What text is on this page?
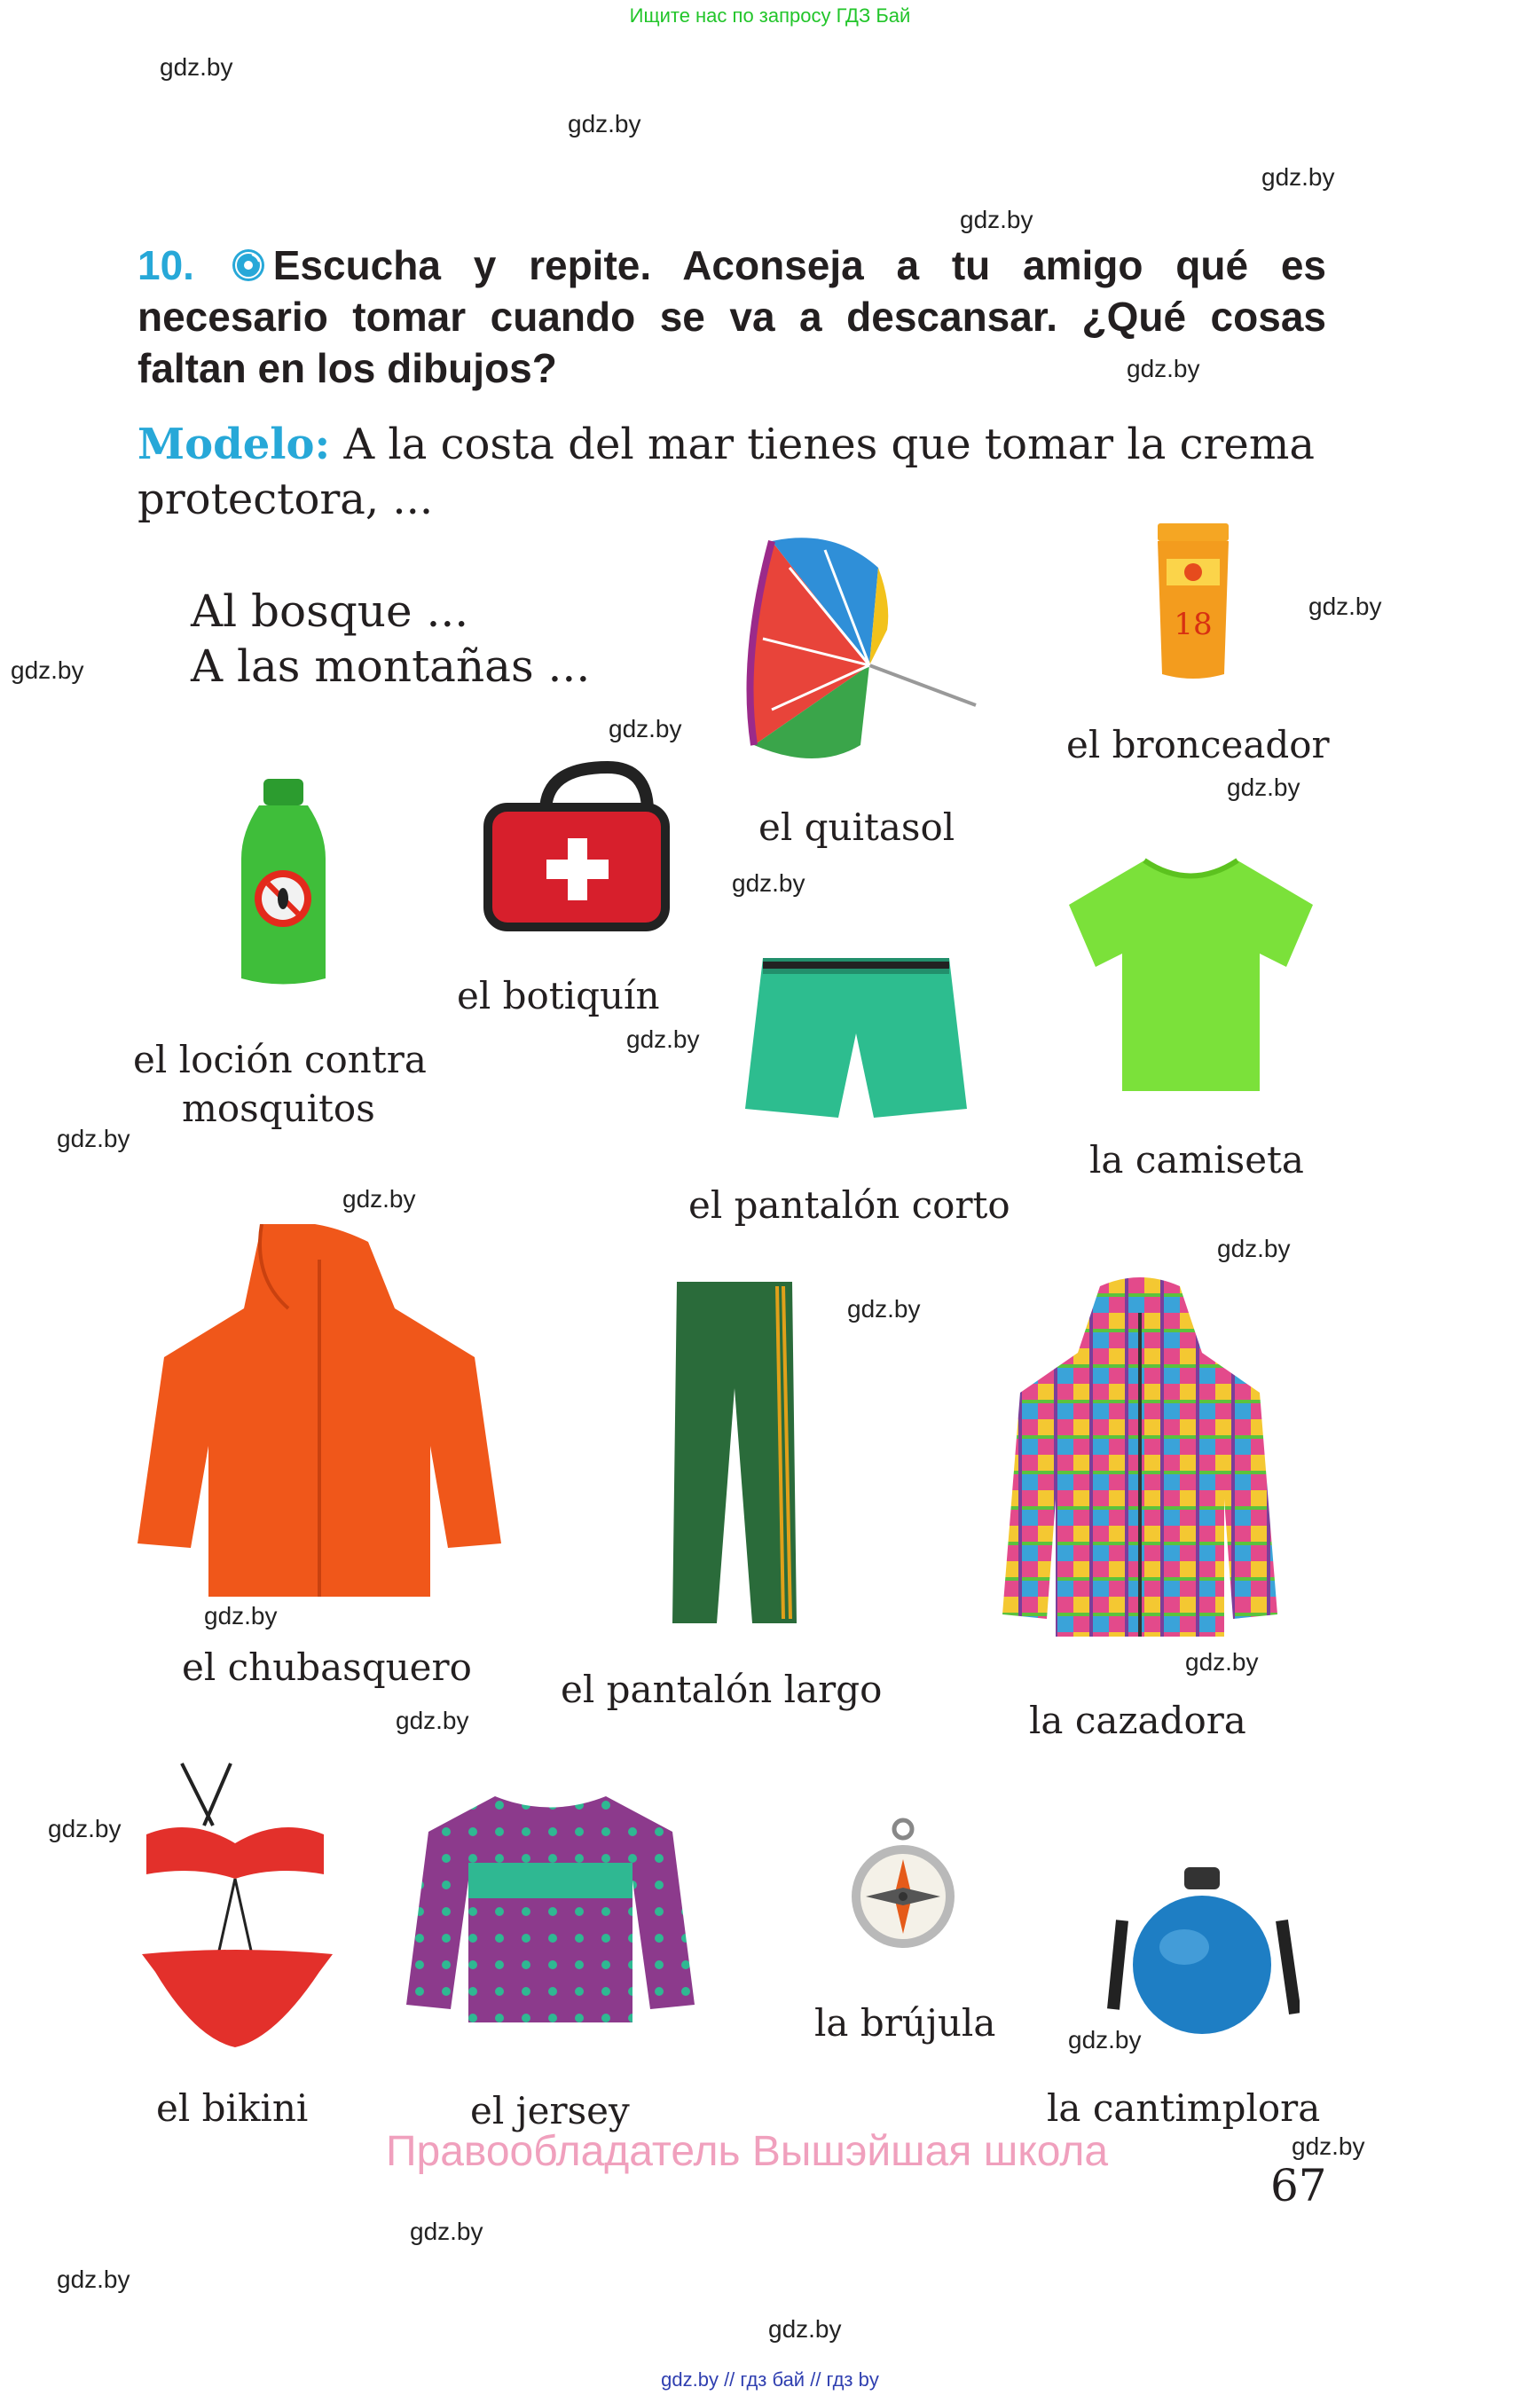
Ищите нас по запросу ГДЗ Бай
gdz.by
gdz.by
gdz.by
gdz.by
gdz.by
gdz.by
gdz.by
gdz.by
gdz.by
gdz.by
gdz.by
gdz.by
gdz.by
gdz.by
gdz.by
gdz.by
gdz.by
gdz.by
gdz.by
gdz.by
gdz.by
gdz.by
gdz.by
gdz.by
10. Escucha y repite. Aconseja a tu amigo qué es necesario tomar cuando se va a descansar. ¿Qué cosas faltan en los dibujos?
Modelo: A la costa del mar tienes que tomar la crema protectora, ...
Al bosque ...
A las montañas ...
el quitasol
18
el bronceador
el loción contra
mosquitos
el botiquín
el pantalón corto
la camiseta
el chubasquero
el pantalón largo
la cazadora
el bikini	el jersey
la brújula
la cantimplora
Правообладатель Вышэйшая школа
67
gdz.by // гдз бай // гдз by
